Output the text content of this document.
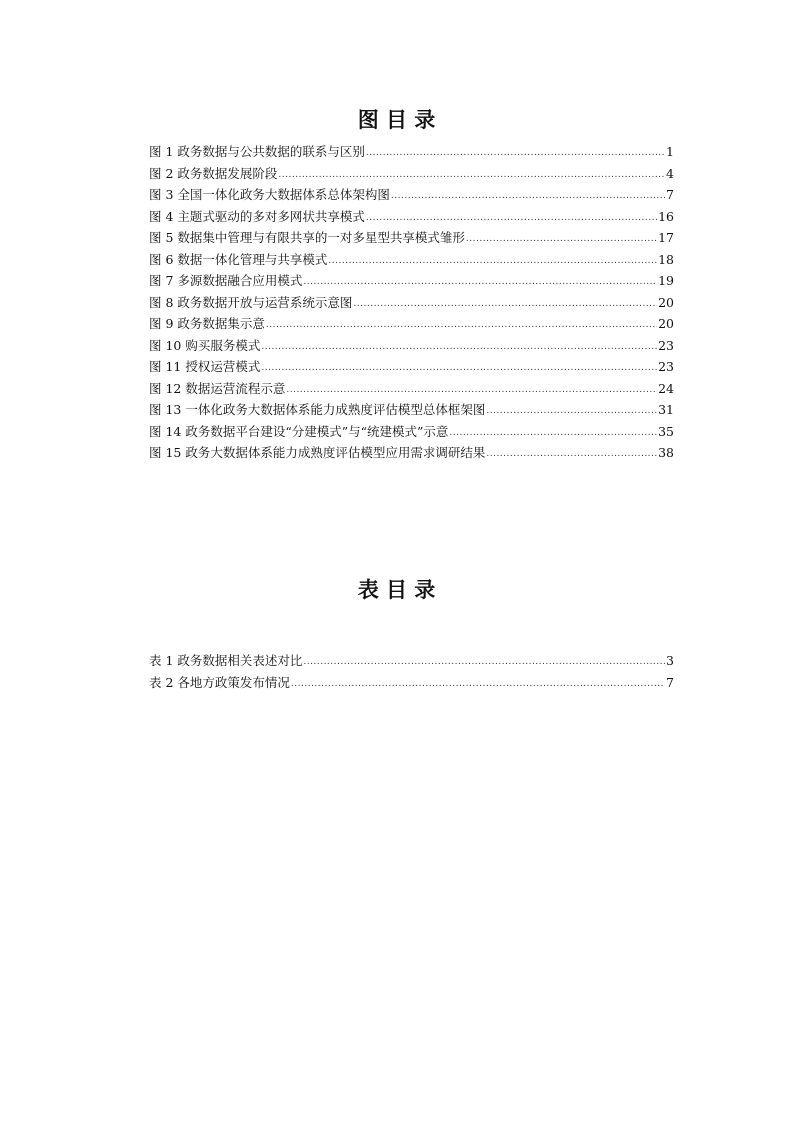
图 目 录
图 1 政务数据与公共数据的联系与区别 .....	1
图 2 政务数据发展阶段 .....	4
图 3 全国一体化政务大数据体系总体架构图 .....	7
图 4 主题式驱动的多对多网状共享模式 .....	16
图 5 数据集中管理与有限共享的一对多星型共享模式雏形 .....	17
图 6 数据一体化管理与共享模式 .....	18
图 7 多源数据融合应用模式 .....	19
图 8 政务数据开放与运营系统示意图 .....	20
图 9 政务数据集示意 .....	20
图 10 购买服务模式 .....	23
图 11 授权运营模式 .....	23
图 12 数据运营流程示意 .....	24
图 13 一体化政务大数据体系能力成熟度评估模型总体框架图 .....	31
图 14 政务数据平台建设“分建模式”与“统建模式”示意 .....	35
图 15 政务大数据体系能力成熟度评估模型应用需求调研结果 .....	38
表 目 录
表 1 政务数据相关表述对比 .....	3
表 2 各地方政策发布情况 .....	7
